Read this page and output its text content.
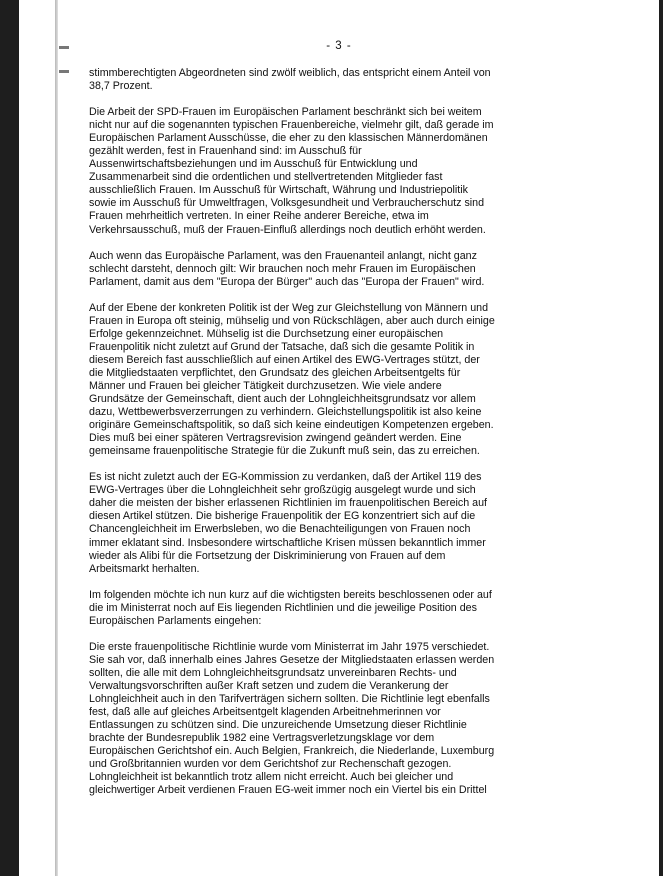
- 3 -
stimmberechtigten Abgeordneten sind zwölf weiblich, das entspricht einem Anteil von
38,7 Prozent.
Die Arbeit der SPD-Frauen im Europäischen Parlament beschränkt sich bei weitem
nicht nur auf die sogenannten typischen Frauenbereiche, vielmehr gilt, daß gerade im
Europäischen Parlament Ausschüsse, die eher zu den klassischen Männerdomänen
gezählt werden, fest in Frauenhand sind: im Ausschuß für
Aussenwirtschaftsbeziehungen und im Ausschuß für Entwicklung und
Zusammenarbeit sind die ordentlichen und stellvertretenden Mitglieder fast
ausschließlich Frauen. Im Ausschuß für Wirtschaft, Währung und Industriepolitik
sowie im Ausschuß für Umweltfragen, Volksgesundheit und Verbraucherschutz sind
Frauen mehrheitlich vertreten. In einer Reihe anderer Bereiche, etwa im
Verkehrsausschuß, muß der Frauen-Einfluß allerdings noch deutlich erhöht werden.
Auch wenn das Europäische Parlament, was den Frauenanteil anlangt, nicht ganz
schlecht darsteht, dennoch gilt: Wir brauchen noch mehr Frauen im Europäischen
Parlament, damit aus dem "Europa der Bürger" auch das "Europa der Frauen" wird.
Auf der Ebene der konkreten Politik ist der Weg zur Gleichstellung von Männern und
Frauen in Europa oft steinig, mühselig und von Rückschlägen, aber auch durch einige
Erfolge gekennzeichnet. Mühselig ist die Durchsetzung einer europäischen
Frauenpolitik nicht zuletzt auf Grund der Tatsache, daß sich die gesamte Politik in
diesem Bereich fast ausschließlich auf einen Artikel des EWG-Vertrages stützt, der
die Mitgliedstaaten verpflichtet, den Grundsatz des gleichen Arbeitsentgelts für
Männer und Frauen bei gleicher Tätigkeit durchzusetzen. Wie viele andere
Grundsätze der Gemeinschaft, dient auch der Lohngleichheitsgrundsatz vor allem
dazu, Wettbewerbsverzerrungen zu verhindern. Gleichstellungspolitik ist also keine
originäre Gemeinschaftspolitik, so daß sich keine eindeutigen Kompetenzen ergeben.
Dies muß bei einer späteren Vertragsrevision zwingend geändert werden. Eine
gemeinsame frauenpolitische Strategie für die Zukunft muß sein, das zu erreichen.
Es ist nicht zuletzt auch der EG-Kommission zu verdanken, daß der Artikel 119 des
EWG-Vertrages über die Lohngleichheit sehr großzügig ausgelegt wurde und sich
daher die meisten der bisher erlassenen Richtlinien im frauenpolitischen Bereich auf
diesen Artikel stützen. Die bisherige Frauenpolitik der EG konzentriert sich auf die
Chancengleichheit im Erwerbsleben, wo die Benachteiligungen von Frauen noch
immer eklatant sind. Insbesondere wirtschaftliche Krisen müssen bekanntlich immer
wieder als Alibi für die Fortsetzung der Diskriminierung von Frauen auf dem
Arbeitsmarkt herhalten.
Im folgenden möchte ich nun kurz auf die wichtigsten bereits beschlossenen oder auf
die im Ministerrat noch auf Eis liegenden Richtlinien und die jeweilige Position des
Europäischen Parlaments eingehen:
Die erste frauenpolitische Richtlinie wurde vom Ministerrat im Jahr 1975 verschiedet.
Sie sah vor, daß innerhalb eines Jahres Gesetze der Mitgliedstaaten erlassen werden
sollten, die alle mit dem Lohngleichheitsgrundsatz unvereinbaren Rechts- und
Verwaltungsvorschriften außer Kraft setzen und zudem die Verankerung der
Lohngleichheit auch in den Tarifverträgen sichern sollten. Die Richtlinie legt ebenfalls
fest, daß alle auf gleiches Arbeitsentgelt klagenden Arbeitnehmerinnen vor
Entlassungen zu schützen sind. Die unzureichende Umsetzung dieser Richtlinie
brachte der Bundesrepublik 1982 eine Vertragsverletzungsklage vor dem
Europäischen Gerichtshof ein. Auch Belgien, Frankreich, die Niederlande, Luxemburg
und Großbritannien wurden vor dem Gerichtshof zur Rechenschaft gezogen.
Lohngleichheit ist bekanntlich trotz allem nicht erreicht. Auch bei gleicher und
gleichwertiger Arbeit verdienen Frauen EG-weit immer noch ein Viertel bis ein Drittel
